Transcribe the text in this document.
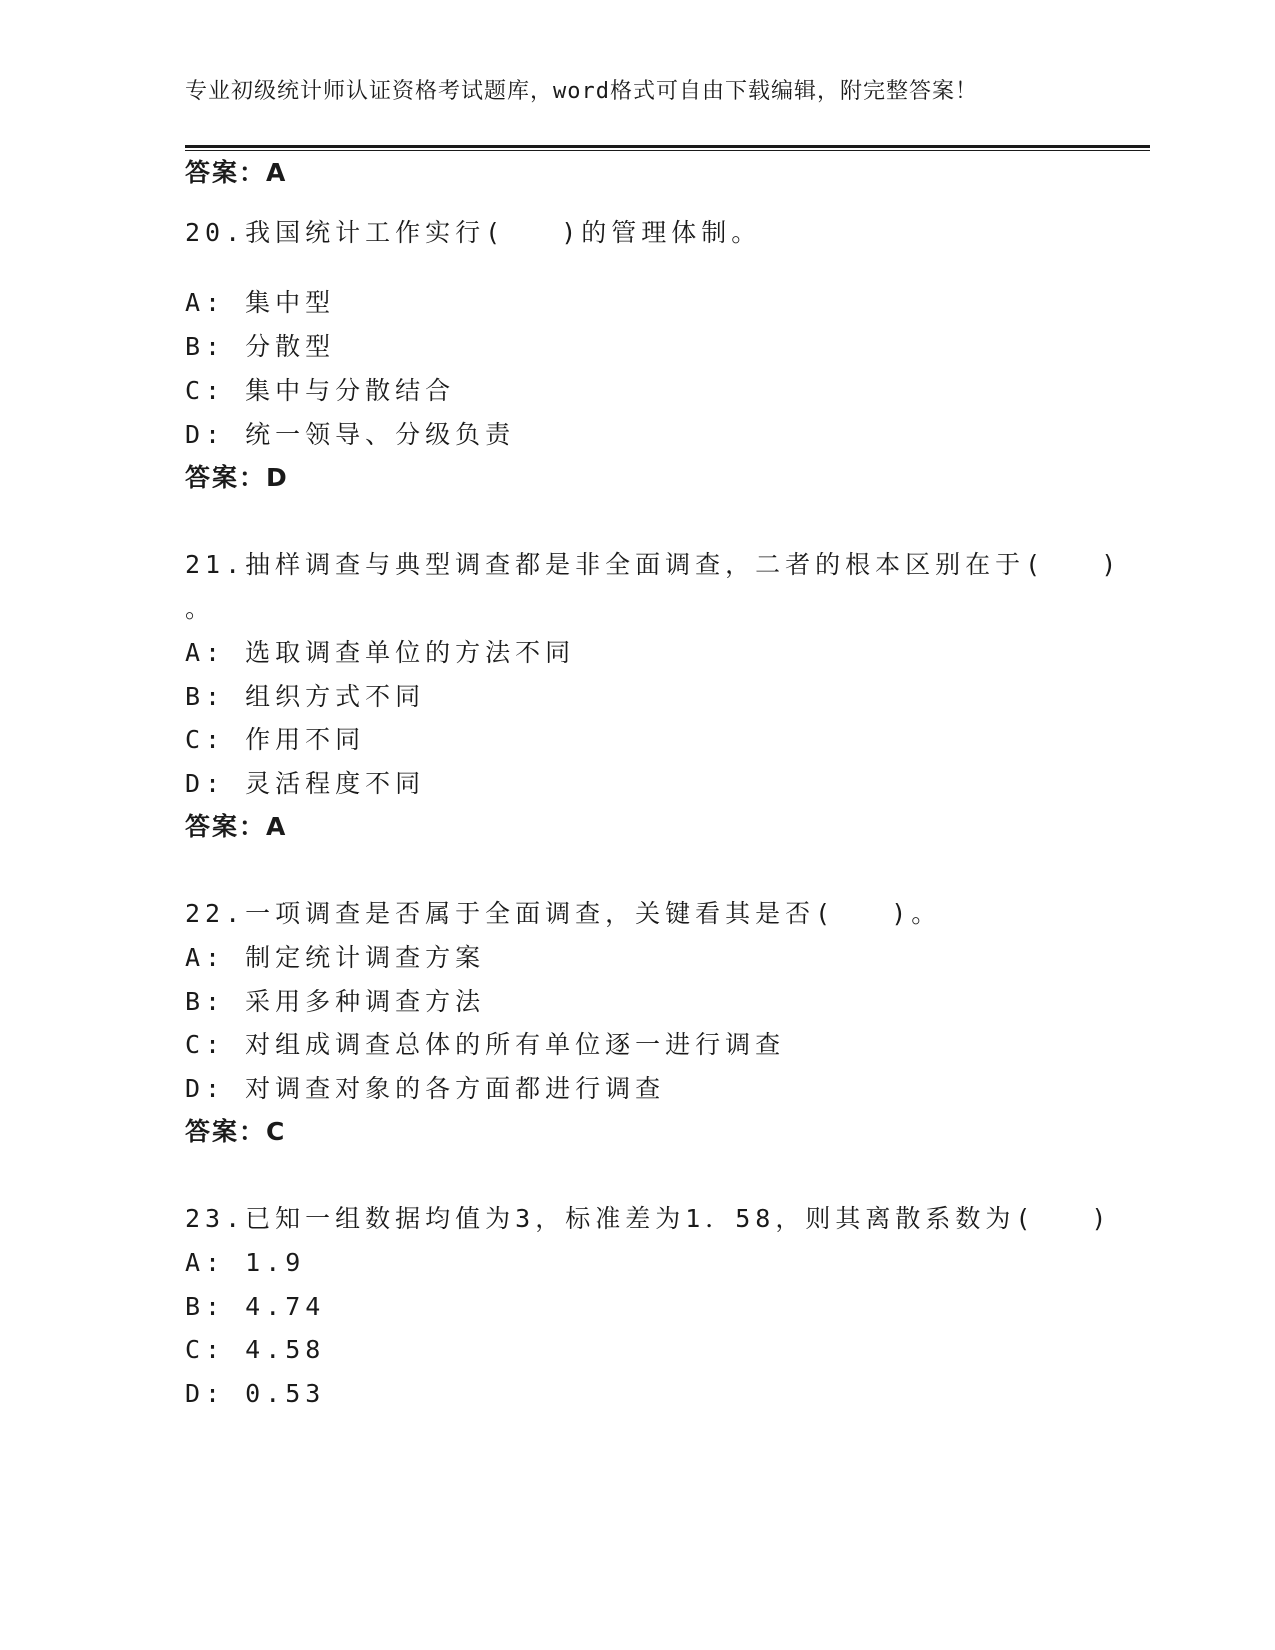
专业初级统计师认证资格考试题库，word格式可自由下载编辑，附完整答案！
答案：A
20.我国统计工作实行( )的管理体制。
A: 集中型
B: 分散型
C: 集中与分散结合
D: 统一领导、分级负责
答案：D
21.抽样调查与典型调查都是非全面调查，二者的根本区别在于( )
。
A: 选取调查单位的方法不同
B: 组织方式不同
C: 作用不同
D: 灵活程度不同
答案：A
22.一项调查是否属于全面调查，关键看其是否( )。
A: 制定统计调查方案
B: 采用多种调查方法
C: 对组成调查总体的所有单位逐一进行调查
D: 对调查对象的各方面都进行调查
答案：C
23.已知一组数据均值为3，标准差为1．58，则其离散系数为( )
A: 1.9
B: 4.74
C: 4.58
D: 0.53
